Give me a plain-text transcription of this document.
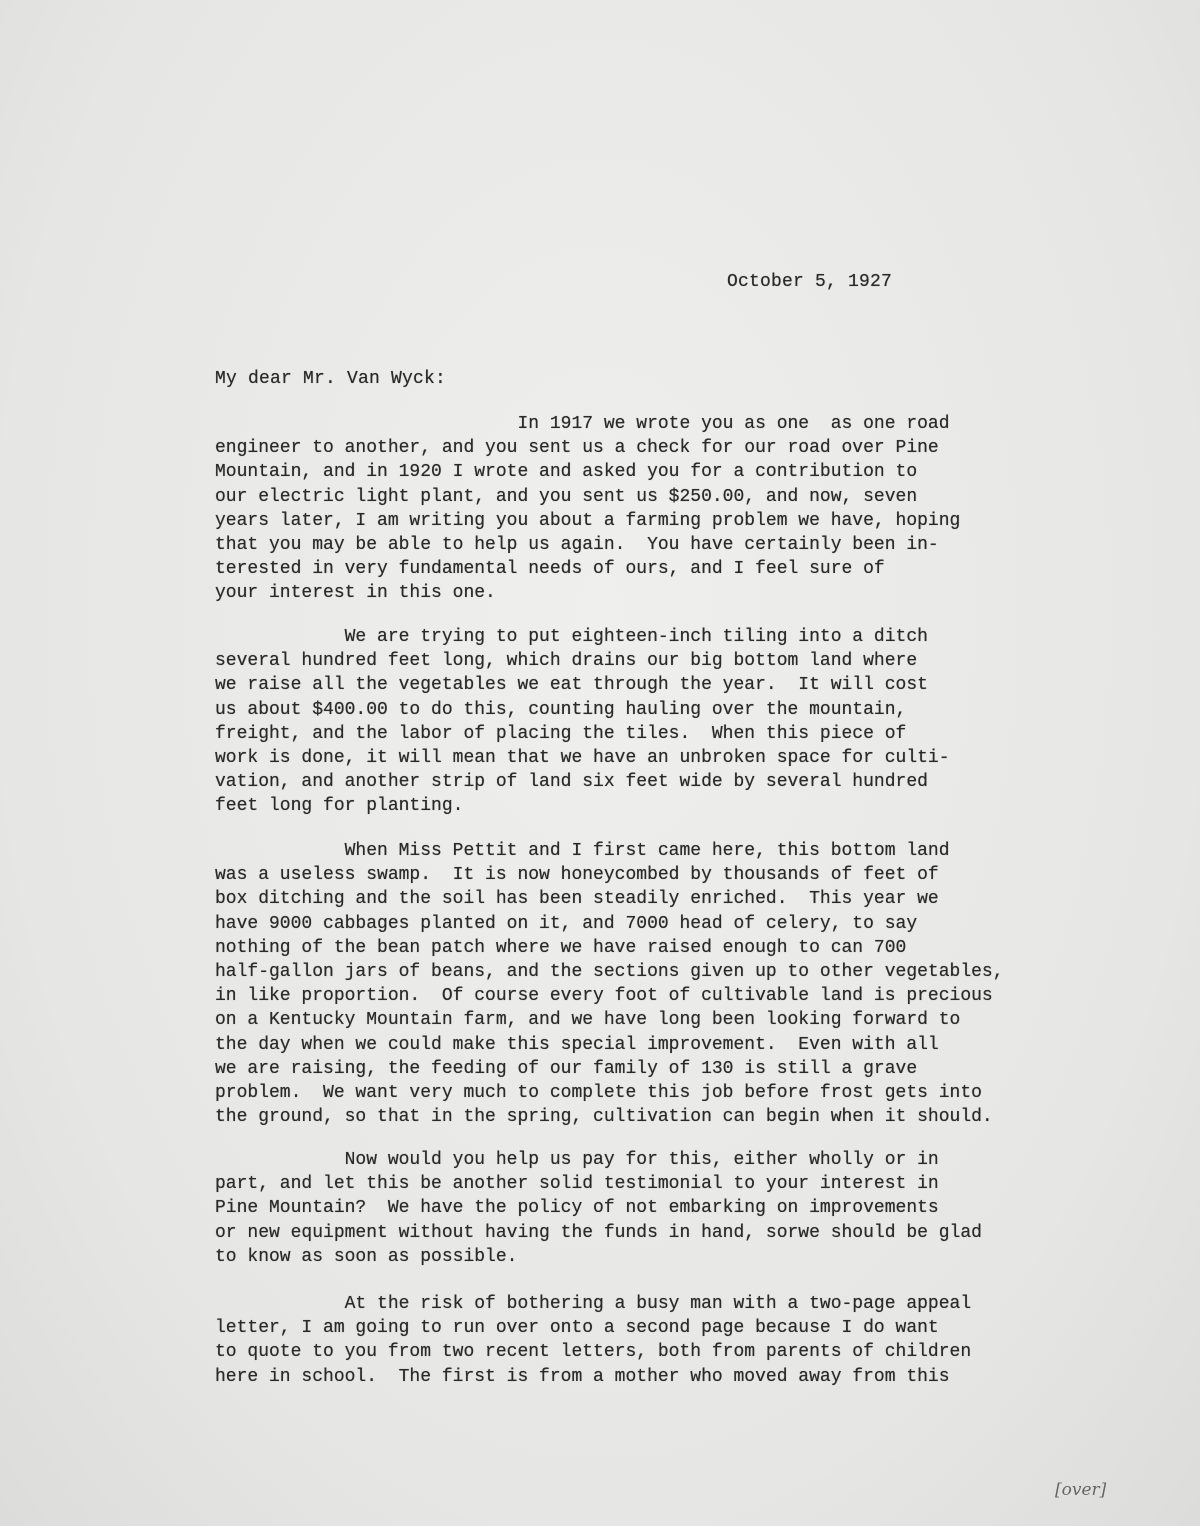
October 5, 1927
My dear Mr. Van Wyck:
In 1917 we wrote you as one  as one road
engineer to another, and you sent us a check for our road over Pine
Mountain, and in 1920 I wrote and asked you for a contribution to
our electric light plant, and you sent us $250.00, and now, seven
years later, I am writing you about a farming problem we have, hoping
that you may be able to help us again.  You have certainly been in-
terested in very fundamental needs of ours, and I feel sure of
your interest in this one.
We are trying to put eighteen-inch tiling into a ditch
several hundred feet long, which drains our big bottom land where
we raise all the vegetables we eat through the year.  It will cost
us about $400.00 to do this, counting hauling over the mountain,
freight, and the labor of placing the tiles.  When this piece of
work is done, it will mean that we have an unbroken space for culti-
vation, and another strip of land six feet wide by several hundred
feet long for planting.
When Miss Pettit and I first came here, this bottom land
was a useless swamp.  It is now honeycombed by thousands of feet of
box ditching and the soil has been steadily enriched.  This year we
have 9000 cabbages planted on it, and 7000 head of celery, to say
nothing of the bean patch where we have raised enough to can 700
half-gallon jars of beans, and the sections given up to other vegetables,
in like proportion.  Of course every foot of cultivable land is precious
on a Kentucky Mountain farm, and we have long been looking forward to
the day when we could make this special improvement.  Even with all
we are raising, the feeding of our family of 130 is still a grave
problem.  We want very much to complete this job before frost gets into
the ground, so that in the spring, cultivation can begin when it should.
Now would you help us pay for this, either wholly or in
part, and let this be another solid testimonial to your interest in
Pine Mountain?  We have the policy of not embarking on improvements
or new equipment without having the funds in hand, sorwe should be glad
to know as soon as possible.
At the risk of bothering a busy man with a two-page appeal
letter, I am going to run over onto a second page because I do want
to quote to you from two recent letters, both from parents of children
here in school.  The first is from a mother who moved away from this
[over]
